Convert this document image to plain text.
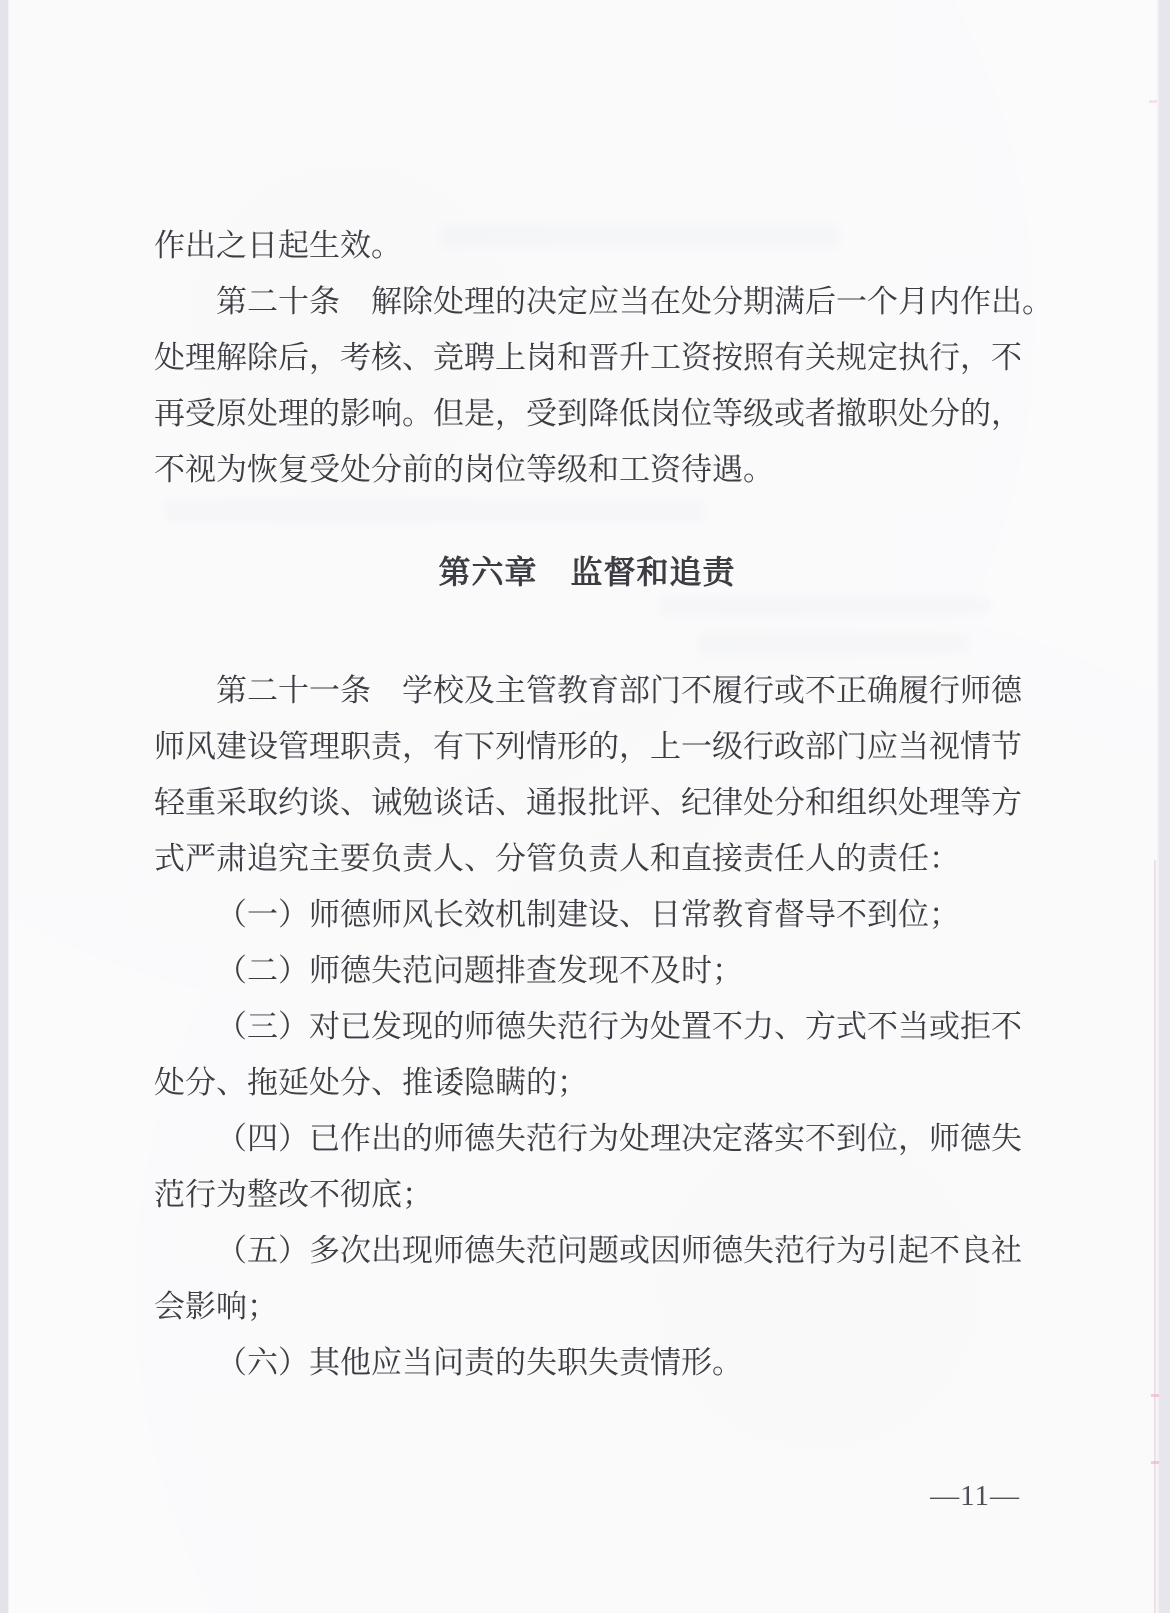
作出之日起生效。
第二十条　解除处理的决定应当在处分期满后一个月内作出。
处理解除后，考核、竞聘上岗和晋升工资按照有关规定执行，不
再受原处理的影响。但是，受到降低岗位等级或者撤职处分的，
不视为恢复受处分前的岗位等级和工资待遇。
第六章　监督和追责
第二十一条　学校及主管教育部门不履行或不正确履行师德
师风建设管理职责，有下列情形的，上一级行政部门应当视情节
轻重采取约谈、诫勉谈话、通报批评、纪律处分和组织处理等方
式严肃追究主要负责人、分管负责人和直接责任人的责任：
（一）师德师风长效机制建设、日常教育督导不到位；
（二）师德失范问题排查发现不及时；
（三）对已发现的师德失范行为处置不力、方式不当或拒不
处分、拖延处分、推诿隐瞒的；
（四）已作出的师德失范行为处理决定落实不到位，师德失
范行为整改不彻底；
（五）多次出现师德失范问题或因师德失范行为引起不良社
会影响；
（六）其他应当问责的失职失责情形。
—11—
